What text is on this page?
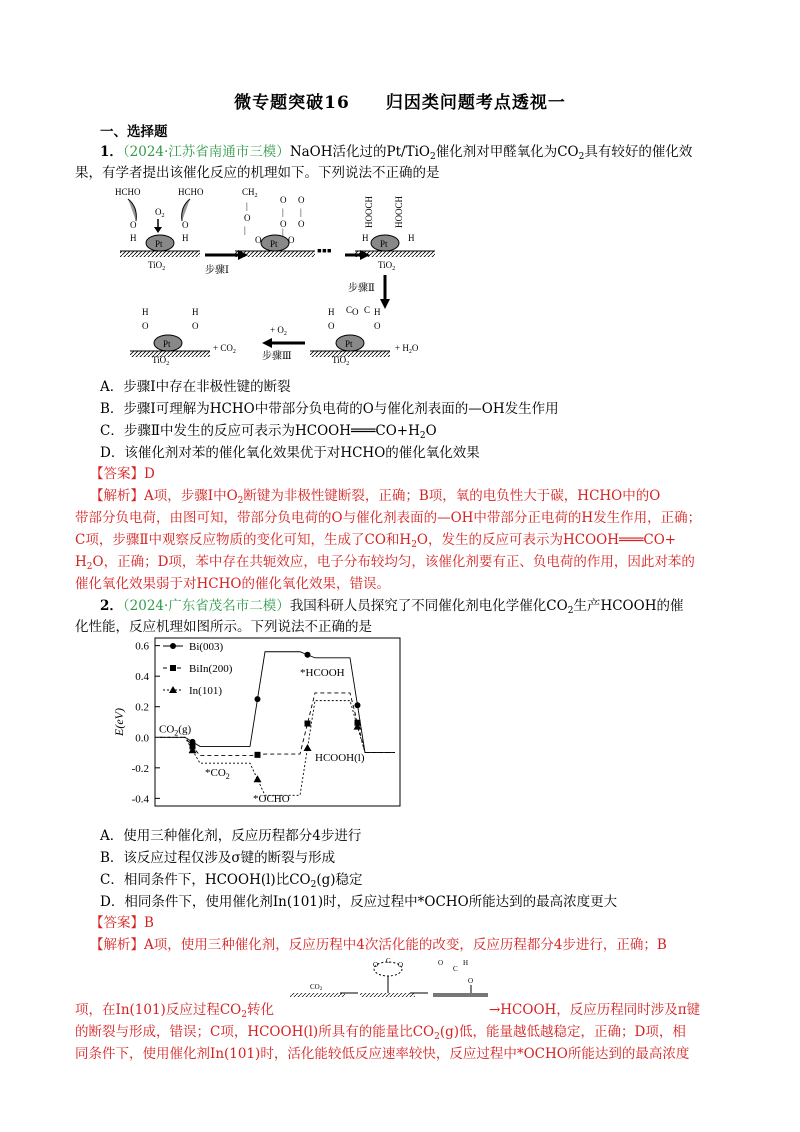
微专题突破16　　归因类问题考点透视一
一、选择题
1．（2024·江苏省南通市三模）NaOH活化过的Pt/TiO$_2$催化剂对甲醛氧化为$CO_2$具有较好的催化效
果，有学者提出该催化反应的机理如下。下列说法不正确的是
HCHO	HCHO
$O_2$
O
H
O
H
Pt
TiO$_2$	步骤Ⅰ
$CH_2$
|
O
|
O
|
O
|
O
|
O
Pt
O	O
▪▪▪
HOOCH HOOCH
Pt
H	H
TiO$_2$
步骤Ⅱ
H
O
C O C H
O
Pt
TiO$_2$
+ $H_2O$
+ $O_2$
步骤Ⅲ
H
O
H
O
Pt
TiO$_2$
+ $CO_2$
A．步骤Ⅰ中存在非极性键的断裂
B．步骤Ⅰ可理解为HCHO中带部分负电荷的O与催化剂表面的—OH发生作用
C．步骤Ⅱ中发生的反应可表示为$HCOOH═══CO+H_2O$
D．该催化剂对苯的催化氧化效果优于对HCHO的催化氧化效果
【答案】D
【解析】A项，步骤Ⅰ中$O_2$断键为非极性键断裂，正确；B项，氧的电负性大于碳，HCHO中的O
带部分负电荷，由图可知，带部分负电荷的O与催化剂表面的—OH中带部分正电荷的H发生作用，正确；
C项，步骤Ⅱ中观察反应物质的变化可知，生成了CO和$H_2O$，发生的反应可表示为HCOOH═══CO+
$H_2O$，正确；D项，苯中存在共轭效应，电子分布较均匀，该催化剂要有正、负电荷的作用，因此对苯的
催化氧化效果弱于对HCHO的催化氧化效果，错误。
2．（2024·广东省茂名市二模）我国科研人员探究了不同催化剂电化学催化$CO_2$生产HCOOH的催
化性能，反应机理如图所示。下列说法不正确的是
0.6
0.4
0.2
0.0
-0.2
-0.4
Bi(003)
BiIn(200)
In(101)
$CO_2(g)$
*HCOOH
$*CO_2$
*OCHO
HCOOH(l)
E(eV)
A．使用三种催化剂，反应历程都分4步进行
B．该反应过程仅涉及σ键的断裂与形成
C．相同条件下，HCOOH(l)比$CO_2(g)$稳定
D．相同条件下，使用催化剂In(101)时，反应过程中*OCHO所能达到的最高浓度更大
【答案】B
【解析】A项，使用三种催化剂，反应历程中4次活化能的改变，反应历程都分4步进行，正确；B
CO2
O C O	C
O	H
O
项，在In(101)反应过程$CO_2$转化	→HCOOH，反应历程同时涉及π键
的断裂与形成，错误；C项，HCOOH(l)所具有的能量比$CO_2(g)$低，能量越低越稳定，正确；D项，相
同条件下，使用催化剂In(101)时，活化能较低反应速率较快，反应过程中*OCHO所能达到的最高浓度
